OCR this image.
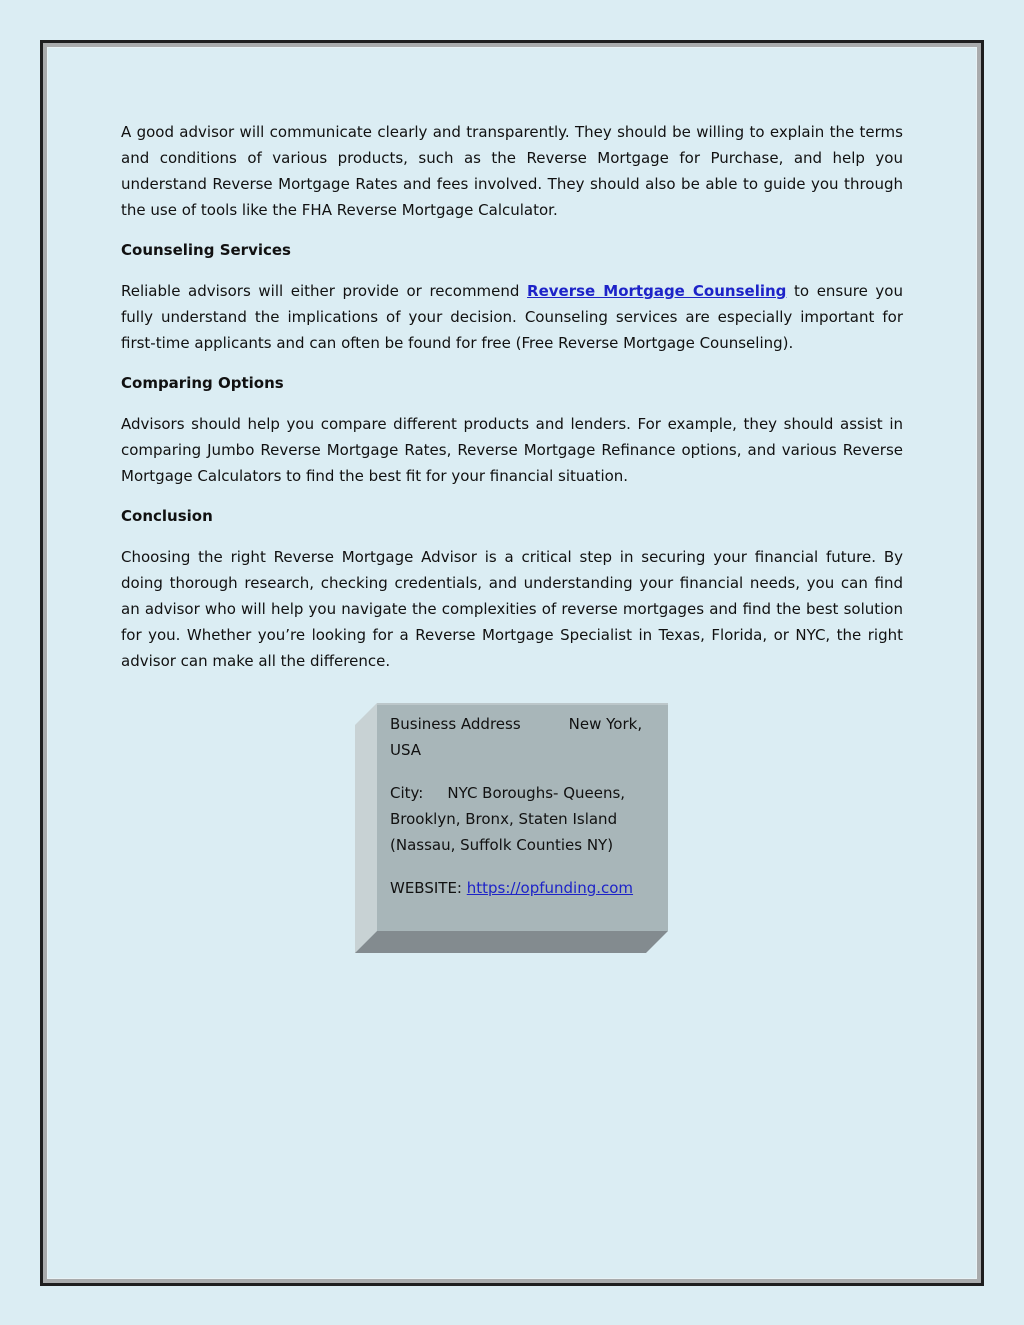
A good advisor will communicate clearly and transparently. They should be willing to explain the terms and conditions of various products, such as the Reverse Mortgage for Purchase, and help you understand Reverse Mortgage Rates and fees involved. They should also be able to guide you through the use of tools like the FHA Reverse Mortgage Calculator.

Counseling Services

Reliable advisors will either provide or recommend Reverse Mortgage Counseling to ensure you fully understand the implications of your decision. Counseling services are especially important for first-time applicants and can often be found for free (Free Reverse Mortgage Counseling).

Comparing Options

Advisors should help you compare different products and lenders. For example, they should assist in comparing Jumbo Reverse Mortgage Rates, Reverse Mortgage Refinance options, and various Reverse Mortgage Calculators to find the best fit for your financial situation.

Conclusion

Choosing the right Reverse Mortgage Advisor is a critical step in securing your financial future. By doing thorough research, checking credentials, and understanding your financial needs, you can find an advisor who will help you navigate the complexities of reverse mortgages and find the best solution for you. Whether you’re looking for a Reverse Mortgage Specialist in Texas, Florida, or NYC, the right advisor can make all the difference.

Business Address	New York, USA

City: NYC Boroughs- Queens, Brooklyn, Bronx, Staten Island (Nassau, Suffolk Counties NY)

WEBSITE: https://opfunding.com
